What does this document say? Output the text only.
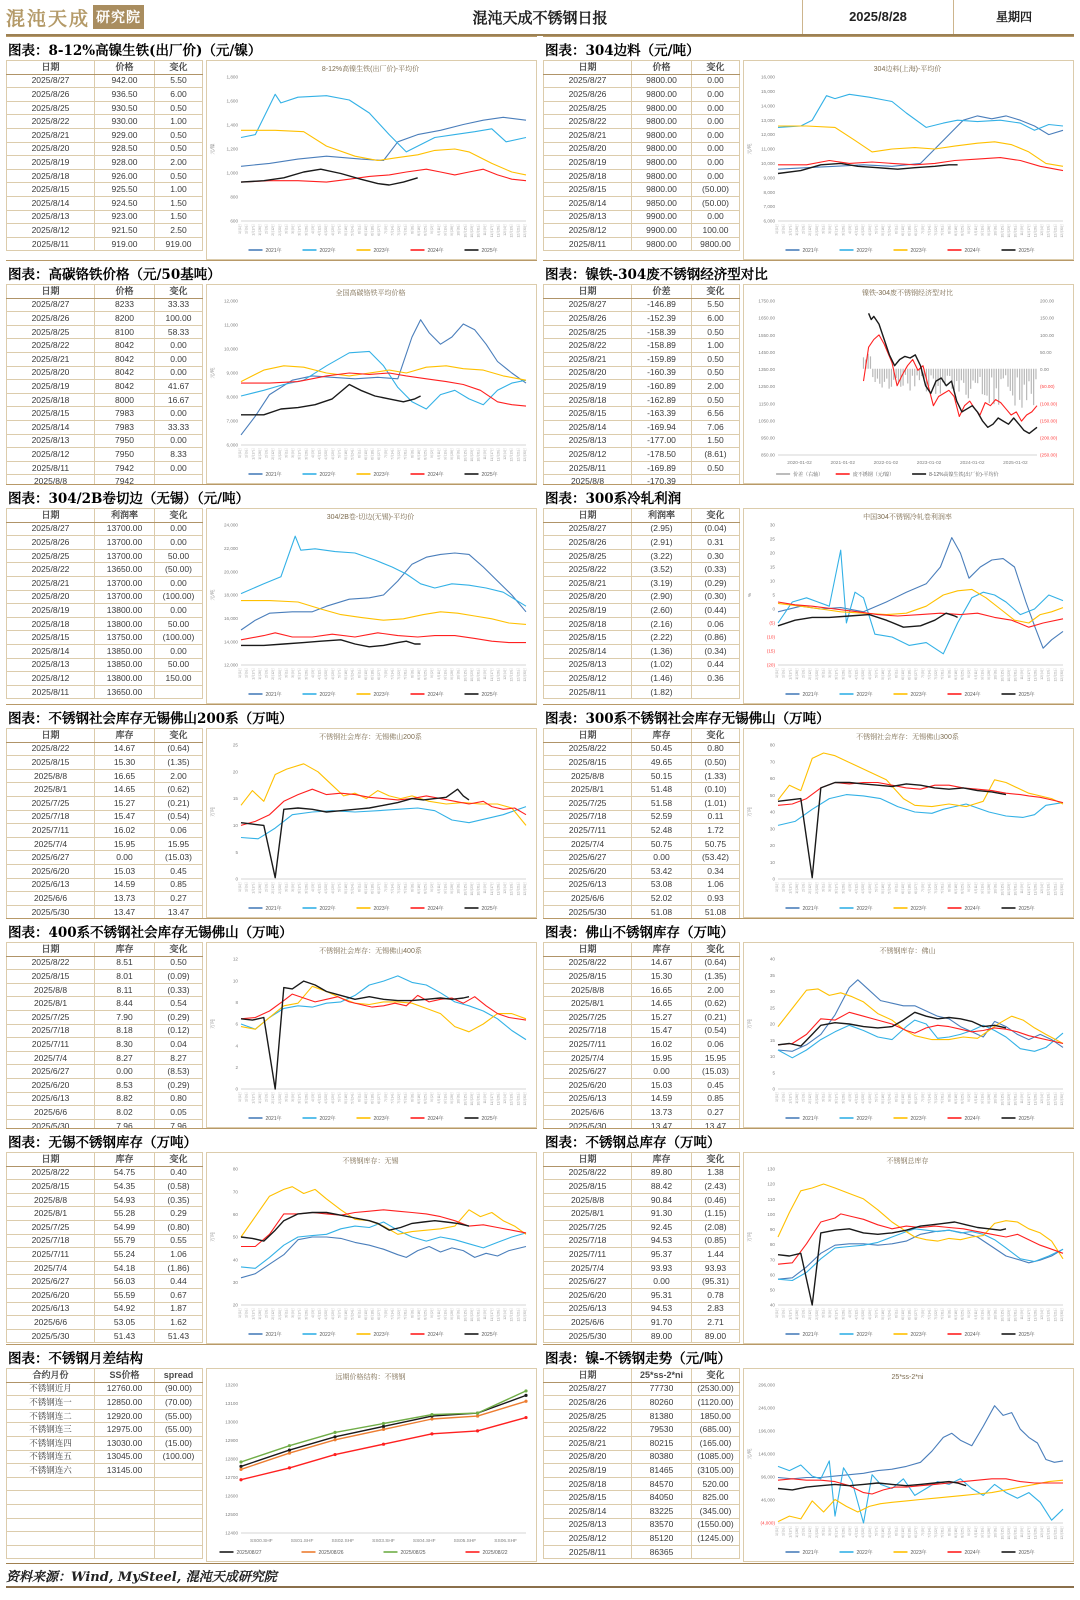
混沌天成 研究院	混沌天成不锈钢日报	2025/8/28	星期四
图表：8-12%高镍生铁(出厂价)（元/镍）
日期	价格	变化
2025/8/27	942.00	5.50
2025/8/26	936.50	6.00
2025/8/25	930.50	0.50
2025/8/22	930.00	1.00
2025/8/21	929.00	0.50
2025/8/20	928.50	0.50
2025/8/19	928.00	2.00
2025/8/18	926.00	0.50
2025/8/15	925.50	1.00
2025/8/14	924.50	1.50
2025/8/13	923.00	1.50
2025/8/12	921.50	2.50
2025/8/11	919.00	919.00
8-12%高镍生铁(出厂价)-平均价
1,800
1,600
1,400
1,200
1,000
800
600
元/镍
1月1日 1月9日 1月17日 1月26日 2月3日 2月12日 2月20日 3月1日 3月9日 3月17日 3月26日 4月3日 4月12日 4月20日 4月29日 5月7日 5月16日 5月24日 6月1日 6月10日 6月18日 6月27日 7月5日 7月14日 7月22日 7月31日 8月8日 8月16日 8月25日 9月2日 9月11日 9月19日 9月28日 10月6日 10月15日 10月23日 10月31日 11月9日 11月17日 11月26日 12月4日 12月13日 12月21日 12月30日
2021年	2022年	2023年	2024年	2025年
图表：304边料（元/吨）
日期	价格	变化
2025/8/27	9800.00	0.00
2025/8/26	9800.00	0.00
2025/8/25	9800.00	0.00
2025/8/22	9800.00	0.00
2025/8/21	9800.00	0.00
2025/8/20	9800.00	0.00
2025/8/19	9800.00	0.00
2025/8/18	9800.00	0.00
2025/8/15	9800.00	(50.00)
2025/8/14	9850.00	(50.00)
2025/8/13	9900.00	0.00
2025/8/12	9900.00	100.00
2025/8/11	9800.00	9800.00
304边料(上海)-平均价
16,000
15,000
14,000
13,000
12,000
11,000
10,000
9,000
8,000
7,000
6,000
元/吨
1月1日 1月9日 1月17日 1月26日 2月3日 2月12日 2月20日 3月1日 3月9日 3月17日 3月26日 4月3日 4月12日 4月20日 4月29日 5月7日 5月16日 5月24日 6月1日 6月10日 6月18日 6月27日 7月5日 7月14日 7月22日 7月31日 8月8日 8月16日 8月25日 9月2日 9月11日 9月19日 9月28日 10月6日 10月15日 10月23日 10月31日 11月9日 11月17日 11月26日 12月4日 12月13日 12月21日 12月30日
2021年	2022年	2023年	2024年	2025年
图表：高碳铬铁价格（元/50基吨）
日期	价格	变化
2025/8/27	8233	33.33
2025/8/26	8200	100.00
2025/8/25	8100	58.33
2025/8/22	8042	0.00
2025/8/21	8042	0.00
2025/8/20	8042	0.00
2025/8/19	8042	41.67
2025/8/18	8000	16.67
2025/8/15	7983	0.00
2025/8/14	7983	33.33
2025/8/13	7950	0.00
2025/8/12	7950	8.33
2025/8/11	7942	0.00
2025/8/8	7942	
全国高碳铬铁平均价格
12,000
11,000
10,000
9,000
8,000
7,000
6,000
元/吨
1月1日 1月9日 1月17日 1月26日 2月3日 2月12日 2月20日 3月1日 3月9日 3月17日 3月26日 4月3日 4月12日 4月20日 4月29日 5月7日 5月16日 5月24日 6月1日 6月10日 6月18日 6月27日 7月5日 7月14日 7月22日 7月31日 8月8日 8月16日 8月25日 9月2日 9月11日 9月19日 9月28日 10月6日 10月15日 10月23日 10月31日 11月9日 11月17日 11月26日 12月4日 12月13日 12月21日 12月30日
2021年	2022年	2023年	2024年	2025年
图表：镍铁-304废不锈钢经济型对比
日期	价差	变化
2025/8/27	-146.89	5.50
2025/8/26	-152.39	6.00
2025/8/25	-158.39	0.50
2025/8/22	-158.89	1.00
2025/8/21	-159.89	0.50
2025/8/20	-160.39	0.50
2025/8/19	-160.89	2.00
2025/8/18	-162.89	0.50
2025/8/15	-163.39	6.56
2025/8/14	-169.94	7.06
2025/8/13	-177.00	1.50
2025/8/12	-178.50	(8.61)
2025/8/11	-169.89	0.50
2025/8/8	-170.39	
镍铁-304废不锈钢经济型对比
1750.00
1650.00
1550.00
1450.00
1350.00
1250.00
1150.00
1050.00
950.00
850.00
200.00
150.00
100.00
50.00
0.00
(50.00)
(100.00)
(150.00)
(200.00)
(250.00)
2020-01-02	2021-01-02	2022-01-02	2023-01-02	2024-01-02	2025-01-02
价差（右轴）	废不锈钢（元/镍）	8-12%高镍生铁(出厂价)-平均价
图表：304/2B卷切边（无锡）（元/吨）
日期	利润率	变化
2025/8/27	13700.00	0.00
2025/8/26	13700.00	0.00
2025/8/25	13700.00	50.00
2025/8/22	13650.00	(50.00)
2025/8/21	13700.00	0.00
2025/8/20	13700.00	(100.00)
2025/8/19	13800.00	0.00
2025/8/18	13800.00	50.00
2025/8/15	13750.00	(100.00)
2025/8/14	13850.00	0.00
2025/8/13	13850.00	50.00
2025/8/12	13800.00	150.00
2025/8/11	13650.00	
304/2B卷-切边(无锡)-平均价
24,000
22,000
20,000
18,000
16,000
14,000
12,000
元/吨
1月1日 1月9日 1月17日 1月26日 2月3日 2月12日 2月20日 3月1日 3月9日 3月17日 3月26日 4月3日 4月12日 4月20日 4月29日 5月7日 5月16日 5月24日 6月1日 6月10日 6月18日 6月27日 7月5日 7月14日 7月22日 7月31日 8月8日 8月16日 8月25日 9月2日 9月11日 9月19日 9月28日 10月6日 10月15日 10月23日 10月31日 11月9日 11月17日 11月26日 12月4日 12月13日 12月21日 12月30日
2021年	2022年	2023年	2024年	2025年
图表：300系冷轧利润
日期	利润率	变化
2025/8/27	(2.95)	(0.04)
2025/8/26	(2.91)	0.31
2025/8/25	(3.22)	0.30
2025/8/22	(3.52)	(0.33)
2025/8/21	(3.19)	(0.29)
2025/8/20	(2.90)	(0.30)
2025/8/19	(2.60)	(0.44)
2025/8/18	(2.16)	0.06
2025/8/15	(2.22)	(0.86)
2025/8/14	(1.36)	(0.34)
2025/8/13	(1.02)	0.44
2025/8/12	(1.46)	0.36
2025/8/11	(1.82)	
中国304不锈钢冷轧卷利润率
30
25
20
15
10
5
0
(5)
(10)
(15)
(20)
%
1月1日 1月9日 1月17日 1月26日 2月3日 2月12日 2月20日 3月1日 3月9日 3月17日 3月26日 4月3日 4月12日 4月20日 4月29日 5月7日 5月16日 5月24日 6月1日 6月10日 6月18日 6月27日 7月5日 7月14日 7月22日 7月31日 8月8日 8月16日 8月25日 9月2日 9月11日 9月19日 9月28日 10月6日 10月15日 10月23日 10月31日 11月9日 11月17日 11月26日 12月4日 12月13日 12月21日 12月30日
2021年	2022年	2023年	2024年	2025年
图表：不锈钢社会库存无锡佛山200系（万吨）
日期	库存	变化
2025/8/22	14.67	(0.64)
2025/8/15	15.30	(1.35)
2025/8/8	16.65	2.00
2025/8/1	14.65	(0.62)
2025/7/25	15.27	(0.21)
2025/7/18	15.47	(0.54)
2025/7/11	16.02	0.06
2025/7/4	15.95	15.95
2025/6/27	0.00	(15.03)
2025/6/20	15.03	0.45
2025/6/13	14.59	0.85
2025/6/6	13.73	0.27
2025/5/30	13.47	13.47
不锈钢社会库存：无锡佛山200系
25
20
15
10
5
0
万吨
1月1日 1月9日 1月17日 1月26日 2月3日 2月12日 2月20日 3月1日 3月9日 3月17日 3月26日 4月3日 4月12日 4月20日 4月29日 5月7日 5月16日 5月24日 6月1日 6月10日 6月18日 6月27日 7月5日 7月14日 7月22日 7月31日 8月8日 8月16日 8月25日 9月2日 9月11日 9月19日 9月28日 10月6日 10月15日 10月23日 10月31日 11月9日 11月17日 11月26日 12月4日 12月13日 12月21日 12月30日
2021年	2022年	2023年	2024年	2025年
图表：300系不锈钢社会库存无锡佛山（万吨）
日期	库存	变化
2025/8/22	50.45	0.80
2025/8/15	49.65	(0.50)
2025/8/8	50.15	(1.33)
2025/8/1	51.48	(0.10)
2025/7/25	51.58	(1.01)
2025/7/18	52.59	0.11
2025/7/11	52.48	1.72
2025/7/4	50.75	50.75
2025/6/27	0.00	(53.42)
2025/6/20	53.42	0.34
2025/6/13	53.08	1.06
2025/6/6	52.02	0.93
2025/5/30	51.08	51.08
不锈钢社会库存：无锡佛山300系
80
70
60
50
40
30
20
10
0
万吨
1月1日 1月9日 1月17日 1月26日 2月3日 2月12日 2月20日 3月1日 3月9日 3月17日 3月26日 4月3日 4月12日 4月20日 4月29日 5月7日 5月16日 5月24日 6月1日 6月10日 6月18日 6月27日 7月5日 7月14日 7月22日 7月31日 8月8日 8月16日 8月25日 9月2日 9月11日 9月19日 9月28日 10月6日 10月15日 10月23日 10月31日 11月9日 11月17日 11月26日 12月4日 12月13日 12月21日 12月30日
2021年	2022年	2023年	2024年	2025年
图表：400系不锈钢社会库存无锡佛山（万吨）
日期	库存	变化
2025/8/22	8.51	0.50
2025/8/15	8.01	(0.09)
2025/8/8	8.11	(0.33)
2025/8/1	8.44	0.54
2025/7/25	7.90	(0.29)
2025/7/18	8.18	(0.12)
2025/7/11	8.30	0.04
2025/7/4	8.27	8.27
2025/6/27	0.00	(8.53)
2025/6/20	8.53	(0.29)
2025/6/13	8.82	0.80
2025/6/6	8.02	0.05
2025/5/30	7.96	7.96
不锈钢社会库存：无锡佛山400系
12
10
8
6
4
2
0
万吨
1月1日 1月9日 1月17日 1月26日 2月3日 2月12日 2月20日 3月1日 3月9日 3月17日 3月26日 4月3日 4月12日 4月20日 4月29日 5月7日 5月16日 5月24日 6月1日 6月10日 6月18日 6月27日 7月5日 7月14日 7月22日 7月31日 8月8日 8月16日 8月25日 9月2日 9月11日 9月19日 9月28日 10月6日 10月15日 10月23日 10月31日 11月9日 11月17日 11月26日 12月4日 12月13日 12月21日 12月30日
2021年	2022年	2023年	2024年	2025年
图表：佛山不锈钢库存（万吨）
日期	库存	变化
2025/8/22	14.67	(0.64)
2025/8/15	15.30	(1.35)
2025/8/8	16.65	2.00
2025/8/1	14.65	(0.62)
2025/7/25	15.27	(0.21)
2025/7/18	15.47	(0.54)
2025/7/11	16.02	0.06
2025/7/4	15.95	15.95
2025/6/27	0.00	(15.03)
2025/6/20	15.03	0.45
2025/6/13	14.59	0.85
2025/6/6	13.73	0.27
2025/5/30	13.47	13.47
不锈钢库存：佛山
40
35
30
25
20
15
10
5
0
万吨
1月1日 1月9日 1月17日 1月26日 2月3日 2月12日 2月20日 3月1日 3月9日 3月17日 3月26日 4月3日 4月12日 4月20日 4月29日 5月7日 5月16日 5月24日 6月1日 6月10日 6月18日 6月27日 7月5日 7月14日 7月22日 7月31日 8月8日 8月16日 8月25日 9月2日 9月11日 9月19日 9月28日 10月6日 10月15日 10月23日 10月31日 11月9日 11月17日 11月26日 12月4日 12月13日 12月21日 12月30日
2021年	2022年	2023年	2024年	2025年
图表：无锡不锈钢库存（万吨）
日期	库存	变化
2025/8/22	54.75	0.40
2025/8/15	54.35	(0.58)
2025/8/8	54.93	(0.35)
2025/8/1	55.28	0.29
2025/7/25	54.99	(0.80)
2025/7/18	55.79	0.55
2025/7/11	55.24	1.06
2025/7/4	54.18	(1.86)
2025/6/27	56.03	0.44
2025/6/20	55.59	0.67
2025/6/13	54.92	1.87
2025/6/6	53.05	1.62
2025/5/30	51.43	51.43
不锈钢库存：无锡
80
70
60
50
40
30
20
万吨
1月1日 1月9日 1月17日 1月26日 2月3日 2月12日 2月20日 3月1日 3月9日 3月17日 3月26日 4月3日 4月12日 4月20日 4月29日 5月7日 5月16日 5月24日 6月1日 6月10日 6月18日 6月27日 7月5日 7月14日 7月22日 7月31日 8月8日 8月16日 8月25日 9月2日 9月11日 9月19日 9月28日 10月6日 10月15日 10月23日 10月31日 11月9日 11月17日 11月26日 12月4日 12月13日 12月21日 12月30日
2021年	2022年	2023年	2024年	2025年
图表：不锈钢总库存（万吨）
日期	库存	变化
2025/8/22	89.80	1.38
2025/8/15	88.42	(2.43)
2025/8/8	90.84	(0.46)
2025/8/1	91.30	(1.15)
2025/7/25	92.45	(2.08)
2025/7/18	94.53	(0.85)
2025/7/11	95.37	1.44
2025/7/4	93.93	93.93
2025/6/27	0.00	(95.31)
2025/6/20	95.31	0.78
2025/6/13	94.53	2.83
2025/6/6	91.70	2.71
2025/5/30	89.00	89.00
不锈钢总库存
130
120
110
100
90
80
70
60
50
40
万吨
1月1日 1月9日 1月17日 1月26日 2月3日 2月12日 2月20日 3月1日 3月9日 3月17日 3月26日 4月3日 4月12日 4月20日 4月29日 5月7日 5月16日 5月24日 6月1日 6月10日 6月18日 6月27日 7月5日 7月14日 7月22日 7月31日 8月8日 8月16日 8月25日 9月2日 9月11日 9月19日 9月28日 10月6日 10月15日 10月23日 10月31日 11月9日 11月17日 11月26日 12月4日 12月13日 12月21日 12月30日
2021年	2022年	2023年	2024年	2025年
图表：不锈钢月差结构
合约月份	SS价格	spread
不锈钢近月	12760.00	(90.00)
不锈钢连一	12850.00	(70.00)
不锈钢连二	12920.00	(55.00)
不锈钢连三	12975.00	(55.00)
不锈钢连四	13030.00	(15.00)
不锈钢连五	13045.00	(100.00)
不锈钢连六	13145.00	

远期价格结构：不锈钢
13200
13100
13000
12900
12800
12700
12600
12500
12400
SS00.SHF	SS01.SHF	SS02.SHF	SS03.SHF	SS04.SHF	SS05.SHF	SS06.SHF
2025/08/27	2025/08/26	2025/08/25	2025/08/22
图表：镍-不锈钢走势（元/吨）
日期	25*ss-2*ni	变化
2025/8/27	77730	(2530.00)
2025/8/26	80260	(1120.00)
2025/8/25	81380	1850.00
2025/8/22	79530	(685.00)
2025/8/21	80215	(165.00)
2025/8/20	80380	(1085.00)
2025/8/19	81465	(3105.00)
2025/8/18	84570	520.00
2025/8/15	84050	825.00
2025/8/14	83225	(345.00)
2025/8/13	83570	(1550.00)
2025/8/12	85120	(1245.00)
2025/8/11	86365	
25*ss-2*ni
296,000
246,000
196,000
146,000
96,000
46,000
(4,000)
元/吨
1月1日 1月9日 1月17日 1月26日 2月3日 2月12日 2月20日 3月1日 3月9日 3月17日 3月26日 4月3日 4月12日 4月20日 4月29日 5月7日 5月16日 5月24日 6月1日 6月10日 6月18日 6月27日 7月5日 7月14日 7月22日 7月31日 8月8日 8月16日 8月25日 9月2日 9月11日 9月19日 9月28日 10月6日 10月15日 10月23日 10月31日 11月9日 11月17日 11月26日 12月4日 12月13日 12月21日 12月30日
2021年	2022年	2023年	2024年	2025年
资料来源：Wind, MySteel, 混沌天成研究院
